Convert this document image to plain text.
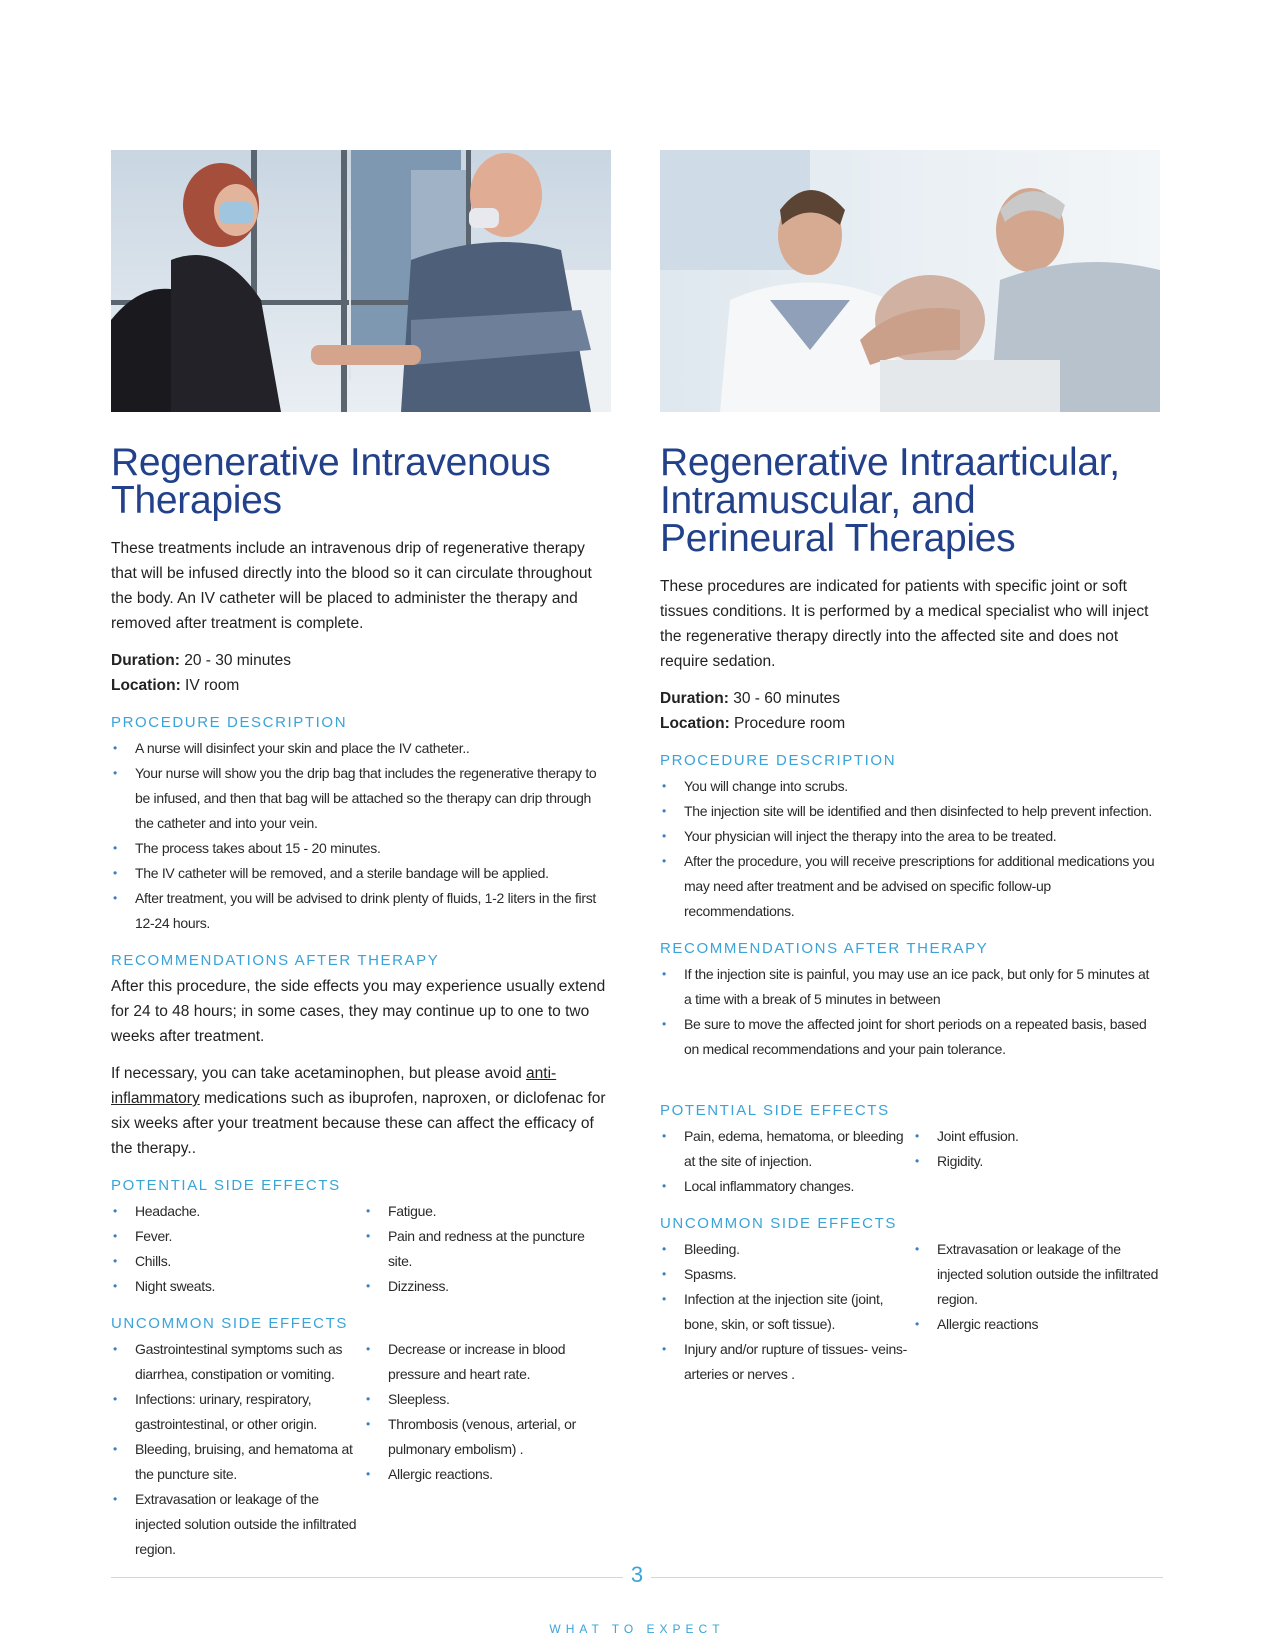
Regenerative Intravenous
Therapies

These treatments include an intravenous drip of regenerative therapy that will be infused directly into the blood so it can circulate throughout the body. An IV catheter will be placed to administer the therapy and removed after treatment is complete.

Duration: 20 - 30 minutes
Location: IV room

PROCEDURE DESCRIPTION
• A nurse will disinfect your skin and place the IV catheter..
• Your nurse will show you the drip bag that includes the regenerative therapy to be infused, and then that bag will be attached so the therapy can drip through the catheter and into your vein.
• The process takes about 15 - 20 minutes.
• The IV catheter will be removed, and a sterile bandage will be applied.
• After treatment, you will be advised to drink plenty of fluids, 1-2 liters in the first 12-24 hours.
RECOMMENDATIONS AFTER THERAPY

After this procedure, the side effects you may experience usually extend for 24 to 48 hours; in some cases, they may continue up to one to two weeks after treatment.

If necessary, you can take acetaminophen, but please avoid anti-inflammatory medications such as ibuprofen, naproxen, or diclofenac for six weeks after your treatment because these can affect the efficacy of the therapy..

POTENTIAL SIDE EFFECTS
• Headache.
• Fever.
• Chills.
• Night sweats.
• Fatigue.
• Pain and redness at the puncture site.
• Dizziness.
UNCOMMON SIDE EFFECTS
• Gastrointestinal symptoms such as diarrhea, constipation or vomiting.
• Infections: urinary, respiratory, gastrointestinal, or other origin.
• Bleeding, bruising, and hematoma at the puncture site.
• Extravasation or leakage of the injected solution outside the infiltrated region.
• Decrease or increase in blood pressure and heart rate.
• Sleepless.
• Thrombosis (venous, arterial, or pulmonary embolism) .
• Allergic reactions.
Regenerative Intraarticular,
Intramuscular, and
Perineural Therapies

These procedures are indicated for patients with specific joint or soft tissues conditions. It is performed by a medical specialist who will inject the regenerative therapy directly into the affected site and does not require sedation.

Duration: 30 - 60 minutes
Location: Procedure room

PROCEDURE DESCRIPTION
• You will change into scrubs.
• The injection site will be identified and then disinfected to help prevent infection.
• Your physician will inject the therapy into the area to be treated.
• After the procedure, you will receive prescriptions for additional medications you may need after treatment and be advised on specific follow-up recommendations.
RECOMMENDATIONS AFTER THERAPY
• If the injection site is painful, you may use an ice pack, but only for 5 minutes at a time with a break of 5 minutes in between
• Be sure to move the affected joint for short periods on a repeated basis, based on medical recommendations and your pain tolerance.
POTENTIAL SIDE EFFECTS
• Pain, edema, hematoma, or bleeding at the site of injection.
• Local inflammatory changes.
• Joint effusion.
• Rigidity.
UNCOMMON SIDE EFFECTS
• Bleeding.
• Spasms.
• Infection at the injection site (joint, bone, skin, or soft tissue).
• Injury and/or rupture of tissues- veins- arteries or nerves .
• Extravasation or leakage of the injected solution outside the infiltrated region.
• Allergic reactions
3
WHAT TO EXPECT
